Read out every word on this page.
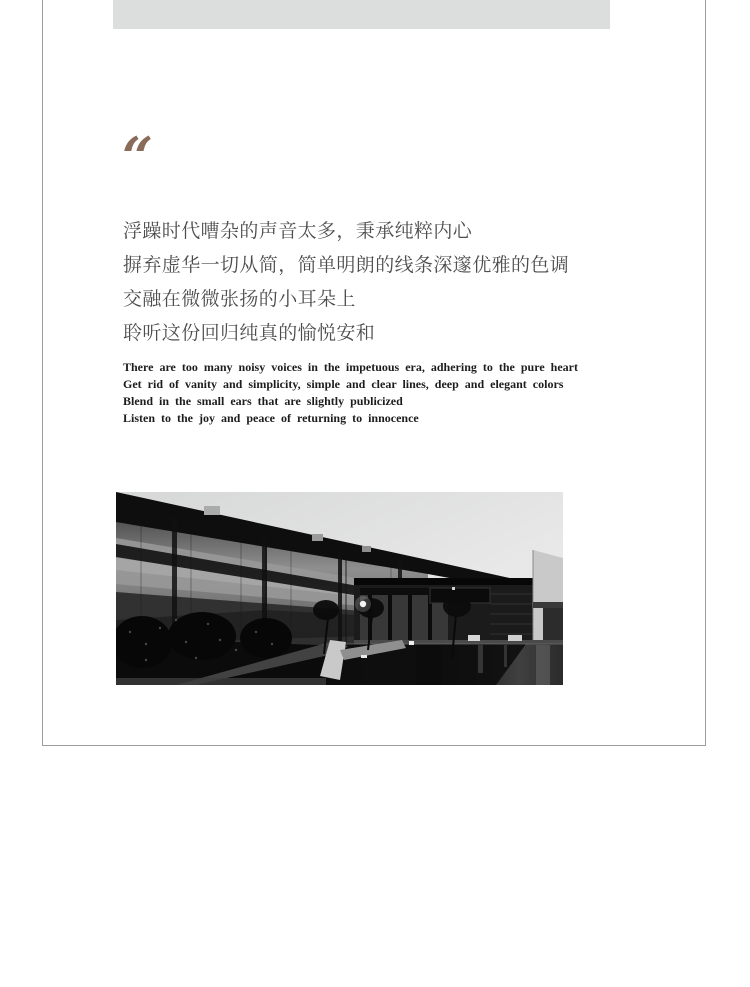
“
浮躁时代嘈杂的声音太多，秉承纯粹内心
摒弃虚华一切从简，简单明朗的线条深邃优雅的色调
交融在微微张扬的小耳朵上
聆听这份回归纯真的愉悦安和
There are too many noisy voices in the impetuous era, adhering to the pure heart
Get rid of vanity and simplicity, simple and clear lines, deep and elegant colors
Blend in the small ears that are slightly publicized
Listen to the joy and peace of returning to innocence
